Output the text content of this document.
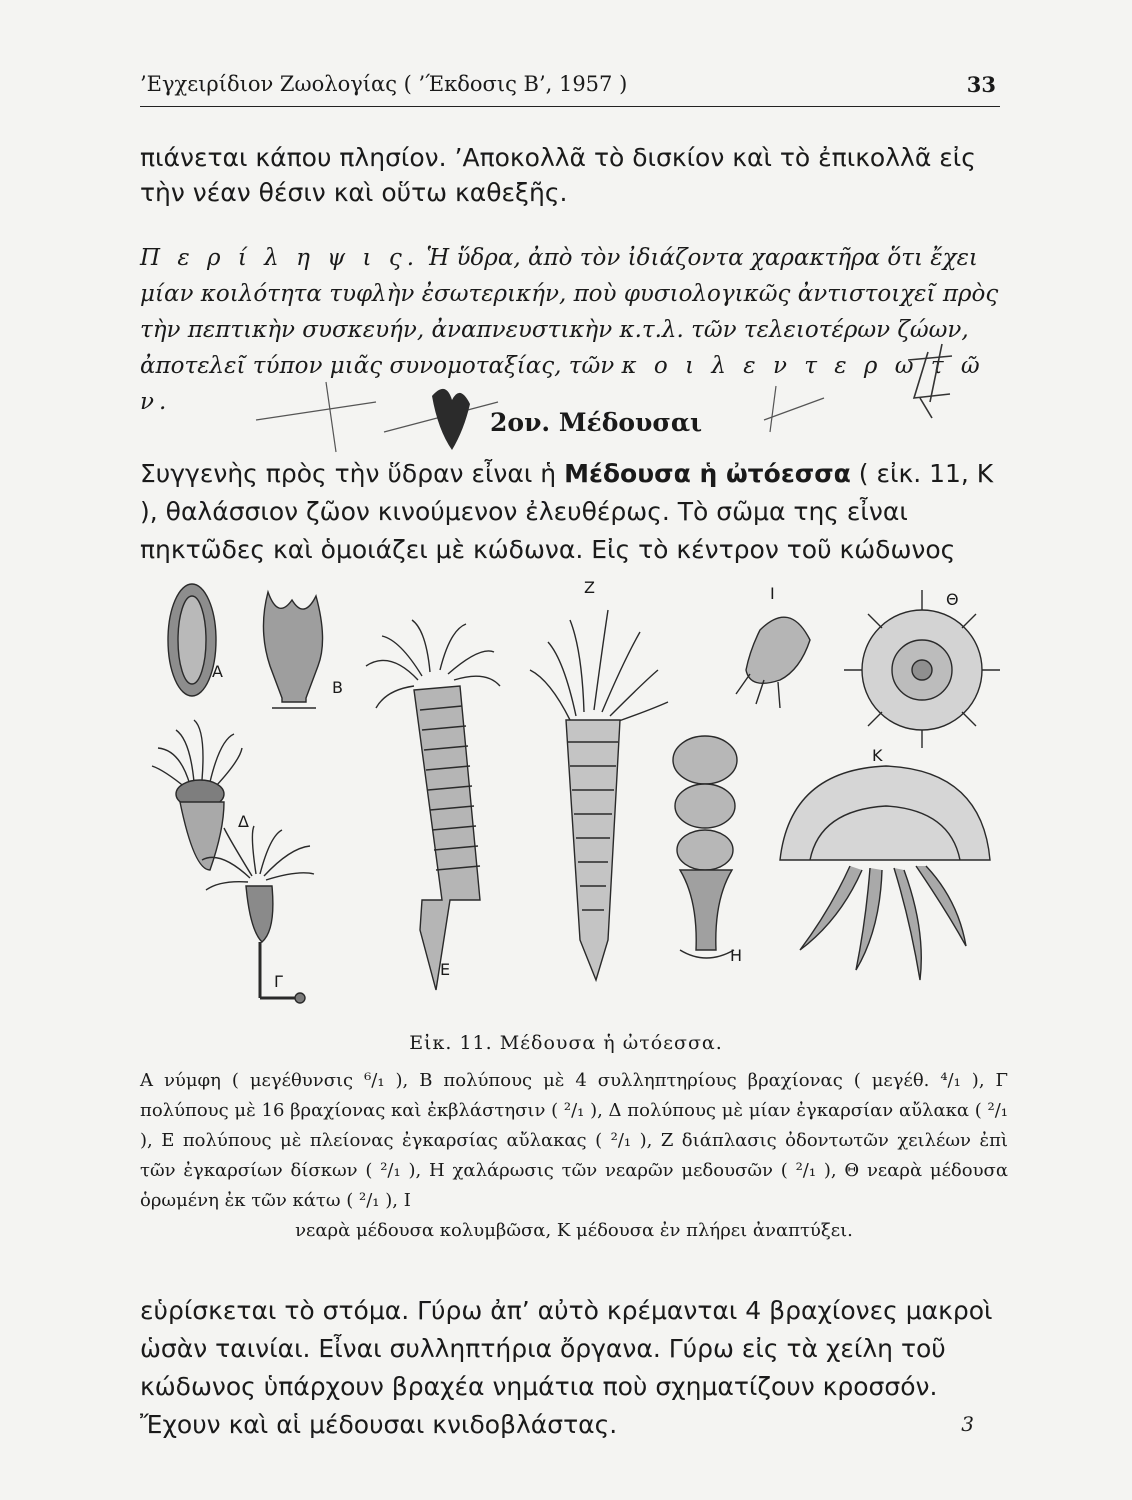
’Εγχειρίδιον Ζωολογίας ( ’Έκδοσις Β’, 1957 )	33

πιάνεται κάπου πλησίον. ’Αποκολλᾶ τὸ δισκίον καὶ τὸ ἐπικολλᾶ εἰς τὴν νέαν θέσιν καὶ οὕτω καθεξῆς.

Π ε ρ ί λ η ψ ι ς. Ἡ ὕδρα, ἀπὸ τὸν ἰδιάζοντα χαρακτῆρα ὅτι ἔχει μίαν κοιλότητα τυφλὴν ἐσωτερικήν, ποὺ φυσιολογικῶς ἀντιστοιχεῖ πρὸς τὴν πεπτικὴν συσκευήν, ἀναπνευστικὴν κ.τ.λ. τῶν τελειοτέρων ζώων, ἀποτελεῖ τύπον μιᾶς συνομοταξίας, τῶν κ ο ι λ ε ν τ ε ρ ω τ ῶ ν.

2ον. Μέδουσαι

Συγγενὴς πρὸς τὴν ὕδραν εἶναι ἡ Μέδουσα ἡ ὠτόεσσα ( εἰκ. 11, Κ ), θαλάσσιον ζῶον κινούμενον ἐλευθέρως. Τὸ σῶμα της εἶναι πηκτῶδες καὶ ὁμοιάζει μὲ κώδωνα. Εἰς τὸ κέντρον τοῦ κώδωνος

Α
Β
Δ
Γ
Ε
Ζ
Η
Ι	Θ
Κ

Εἰκ. 11. Μέδουσα ἡ ὠτόεσσα.

Α νύμφη ( μεγέθυνσις ⁶/₁ ), Β πολύπους μὲ 4 συλληπτηρίους βραχίονας ( μεγέθ. ⁴/₁ ), Γ πολύπους μὲ 16 βραχίονας καὶ ἐκβλάστησιν ( ²/₁ ), Δ πολύπους μὲ μίαν ἐγκαρσίαν αὔλακα ( ²/₁ ), Ε πολύπους μὲ πλείονας ἐγκαρσίας αὔλακας ( ²/₁ ), Ζ διάπλασις ὀδοντωτῶν χειλέων ἐπὶ τῶν ἐγκαρσίων δίσκων ( ²/₁ ), Η χαλάρωσις τῶν νεαρῶν μεδουσῶν ( ²/₁ ), Θ νεαρὰ μέδουσα ὁρωμένη ἐκ τῶν κάτω ( ²/₁ ), Ι
νεαρὰ μέδουσα κολυμβῶσα, Κ μέδουσα ἐν πλήρει ἀναπτύξει.

εὑρίσκεται τὸ στόμα. Γύρω ἀπ’ αὐτὸ κρέμανται 4 βραχίονες μακροὶ ὡσὰν ταινίαι. Εἶναι συλληπτήρια ὄργανα. Γύρω εἰς τὰ χείλη τοῦ κώδωνος ὑπάρχουν βραχέα νημάτια ποὺ σχηματίζουν κροσσόν. Ἔχουν καὶ αἱ μέδουσαι κνιδοβλάστας.	3
